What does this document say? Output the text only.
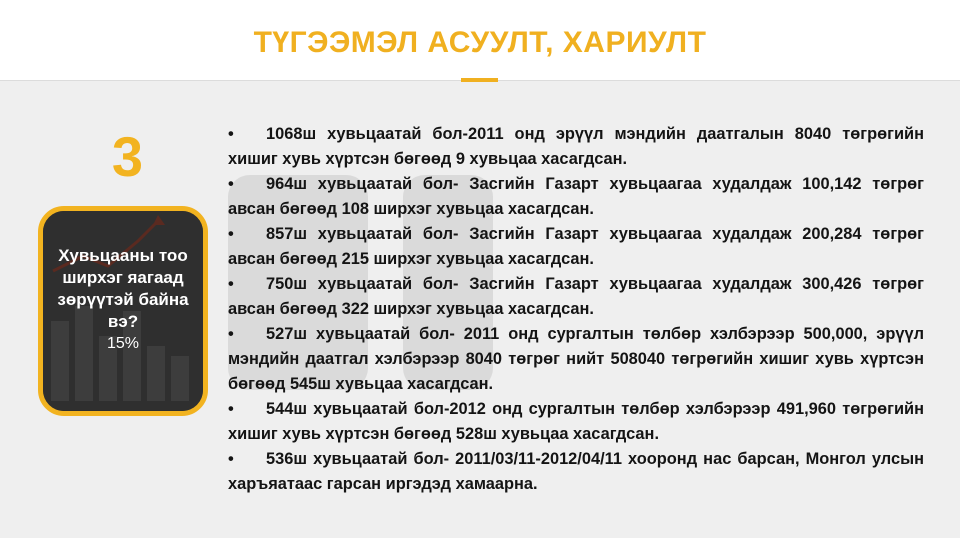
ТҮГЭЭМЭЛ АСУУЛТ, ХАРИУЛТ
3
Хувьцааны тоо ширхэг яагаад зөрүүтэй байна вэ?
15%
• 1068ш хувьцаатай бол-2011 онд эрүүл мэндийн даатгалын 8040 төгрөгийн хишиг хувь хүртсэн бөгөөд 9 хувьцаа хасагдсан.
• 964ш хувьцаатай бол- Засгийн Газарт хувьцаагаа худалдаж 100,142 төгрөг авсан бөгөөд 108 ширхэг хувьцаа хасагдсан.
• 857ш хувьцаатай бол- Засгийн Газарт хувьцаагаа худалдаж 200,284 төгрөг авсан бөгөөд 215 ширхэг хувьцаа хасагдсан.
• 750ш хувьцаатай бол- Засгийн Газарт хувьцаагаа худалдаж 300,426 төгрөг авсан бөгөөд 322 ширхэг хувьцаа хасагдсан.
• 527ш хувьцаатай бол- 2011 онд сургалтын төлбөр хэлбэрээр 500,000, эрүүл мэндийн даатгал хэлбэрээр 8040 төгрөг нийт 508040 төгрөгийн хишиг хувь хүртсэн бөгөөд 545ш хувьцаа хасагдсан.
• 544ш хувьцаатай бол-2012 онд сургалтын төлбөр хэлбэрээр 491,960 төгрөгийн хишиг хувь хүртсэн бөгөөд 528ш хувьцаа хасагдсан.
• 536ш хувьцаатай бол- 2011/03/11-2012/04/11 хооронд нас барсан, Монгол улсын харъяатаас гарсан иргэдэд хамаарна.
